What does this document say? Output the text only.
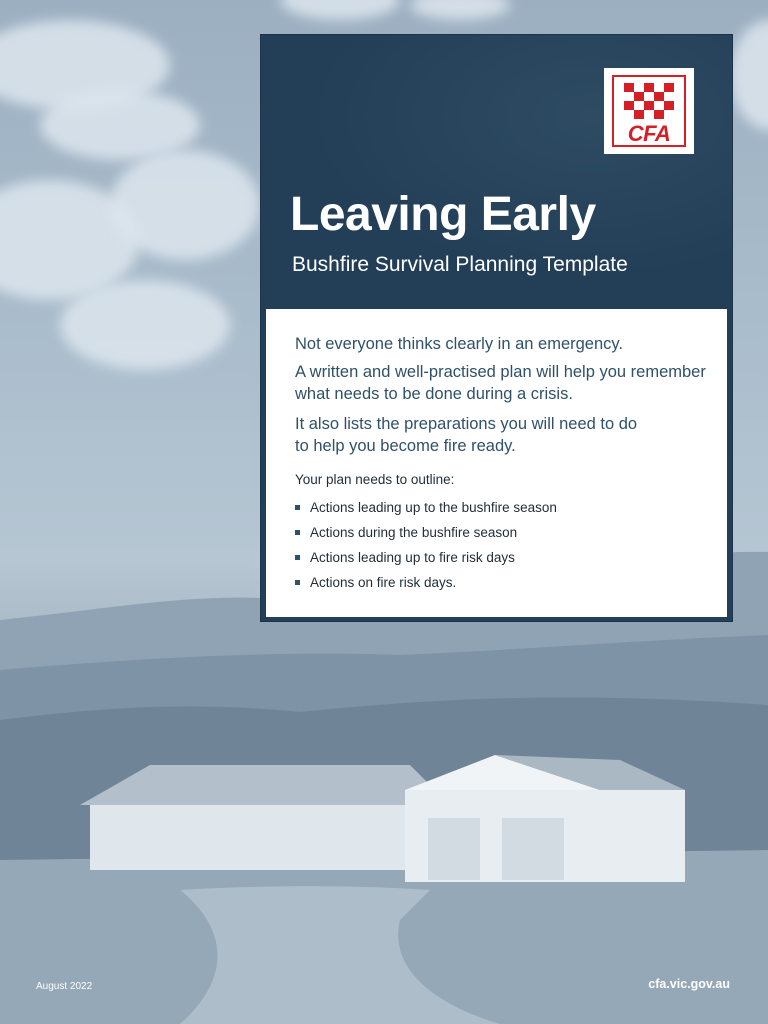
CFA
Leaving Early

Bushfire Survival Planning Template

Not everyone thinks clearly in an emergency.

A written and well-practised plan will help you remember what needs to be done during a crisis.

It also lists the preparations you will need to do to help you become fire ready.

Your plan needs to outline:

Actions leading up to the bushfire season
Actions during the bushfire season
Actions leading up to fire risk days
Actions on fire risk days.
August 2022	cfa.vic.gov.au
